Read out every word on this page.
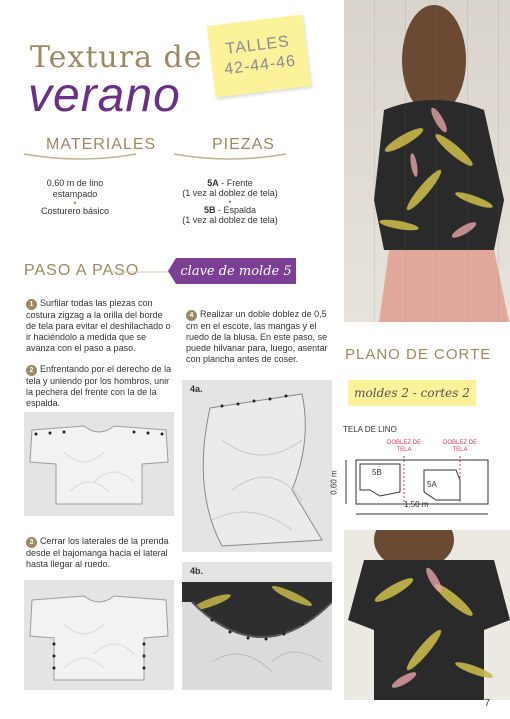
Textura de
verano
TALLES
42-44-46
MATERIALES
0,60 m de lino
estampado
•
Costurero básico
PIEZAS
5A - Frente
(1 vez al doblez de tela)
•
5B - Espalda
(1 vez al doblez de tela)
PASO A PASO	clave de molde 5
1 Surfilar todas las piezas con costura zigzag a la orilla del borde de tela para evitar el deshilachado o ir haciéndolo a medida que se avanza con el paso a paso.
2 Enfrentando por el derecho de la tela y uniendo por los hombros, unir la pechera del frente con la de la espalda.
3 Cerrar los laterales de la prenda desde el bajomanga hacia el lateral hasta llegar al ruedo.
4 Realizar un doble doblez de 0,5 cm en el escote, las mangas y el ruedo de la blusa. En este paso, se puede hilvanar para, luego, asentar con plancha antes de coser.
4a.
4b.
PLANO DE CORTE
moldes 2 - cortes 2
TELA DE LINO
DOBLEZ DE TELA
DOBLEZ DE TELA
5B
5A
0,60 m
1,50 m
7
